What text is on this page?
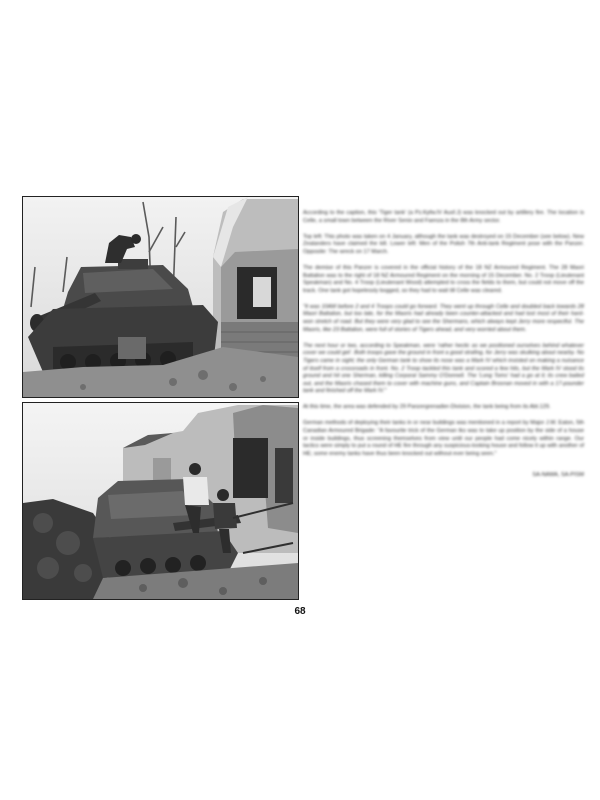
According to the caption, this 'Tiger tank' (a Pz.Kpfw.IV Ausf.J) was knocked out by artillery fire. The location is Celle, a small town between the River Senio and Faenza in the 8th Army sector.

Top left: This photo was taken on 4 January, although the tank was destroyed on 15 December (see below). New Zealanders have claimed the kill. Lower left: Men of the Polish 7th Anti-tank Regiment pose with the Panzer. Opposite: The wreck on 17 March.

The demise of this Panzer is covered in the official history of the 18 NZ Armoured Regiment. The 28 Maori Battalion was to the right of 18 NZ Armoured Regiment on the morning of 15 December. No. 2 Troop (Lieutenant Speakman) and No. 4 Troop (Lieutenant Wood) attempted to cross the fields to them, but could not move off the track. One tank got hopelessly bogged, so they had to wait till Celle was cleared.

"It was 10AM before 2 and 4 Troops could go forward. They went up through Celle and doubled back towards 28 Maori Battalion, but too late, for the Maoris had already been counter-attacked and had lost most of their hard-won stretch of road. But they were very glad to see the Shermans, which always kept Jerry more respectful. The Maoris, like 23 Battalion, were full of stories of Tigers ahead, and very worried about them.

The next hour or two, according to Speakman, were 'rather hectic as we positioned ourselves behind whatever cover we could get'. Both troops gave the ground in front a good strafing, for Jerry was skulking about nearby. No Tigers came in sight; the only German tank to show its nose was a Mark IV which insisted on making a nuisance of itself from a crossroads in front. No. 2 Troop tackled this tank and scored a few hits, but the Mark IV stood its ground and hit one Sherman, killing Corporal Sammy O'Donnell. The 'Long Toms' had a go at it; its crew bailed out, and the Maoris chased them to cover with machine guns, and Captain Brosnan moved in with a 17-pounder tank and finished off the Mark IV."

At this time, the area was defended by 29 Panzergrenadier-Division, the tank being from its Abt.129.

German methods of deploying their tanks in or near buildings was mentioned in a report by Major J.W. Eaton, 5th Canadian Armoured Brigade: "A favourite trick of the German tks was to take up position by the side of a house or inside buildings, thus screening themselves from view until our people had come nicely within range. Our tactics were simply to put a round of HE fire through any suspicious-looking house and follow it up with another of HE; some enemy tanks have thus been knocked out without ever being seen."

SA-NAMA, SA-PISM

68
